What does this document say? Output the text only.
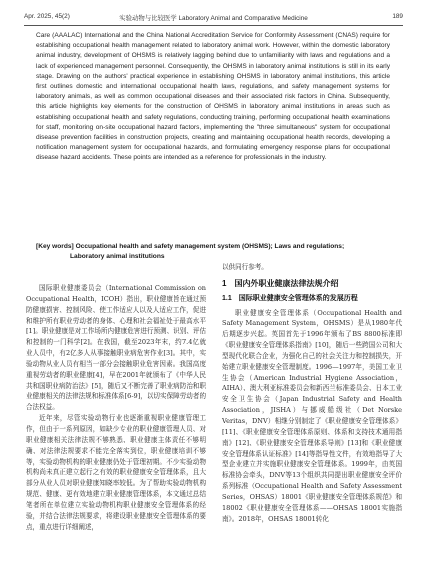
Apr. 2025, 45(2)	实验动物与比较医学 Laboratory Animal and Comparative Medicine	189
Care (AAALAC) International and the China National Accreditation Service for Conformity Assessment (CNAS) require for establishing occupational health management related to laboratory animal work. However, within the domestic laboratory animal industry, development of OHSMS is relatively lagging behind due to unfamiliarity with laws and regulations and a lack of experienced management personnel. Consequently, the OHSMS in laboratory animal institutions is still in its early stage. Drawing on the authors' practical experience in establishing OHSMS in laboratory animal institutions, this article first outlines domestic and international occupational health laws, regulations, and safety management systems for laboratory animals, as well as common occupational diseases and their associated risk factors in China. Subsequently, this article highlights key elements for the construction of OHSMS in laboratory animal institutions in areas such as establishing occupational health and safety regulations, conducting training, performing occupational health examinations for staff, monitoring on-site occupational hazard factors, implementing the "three simultaneous" system for occupational disease prevention facilities in construction projects, creating and maintaining occupational health records, developing a notification management system for occupational hazards, and formulating emergency response plans for occupational disease hazard accidents. These points are intended as a reference for professionals in the industry.
[Key words] Occupational health and safety management system (OHSMS); Laws and regulations;
Laboratory animal institutions

国际职业健康委员会（International Commission on Occupational Health，ICOH）指出，职业健康旨在通过预防健康损害、控制风险、使工作适应人以及人适应工作，促进和维护所有职业劳动者的身体、心理和社会福祉处于最高水平[1]。职业健康是对工作场所内健康危害进行预测、识别、评估和控制的一门科学[2]。在我国，截至2023年末，约7.4亿就业人员中，有2亿多人从事接触职业病危害作业[3]。其中，实验动物从业人员有相当一部分会接触职业危害因素。我国高度重视劳动者的职业健康[4]，早在2001年就颁布了《中华人民共和国职业病防治法》[5]，随后又不断完善了职业病防治和职业健康相关的法律法规和标准体系[6-9]，以切实保障劳动者的合法权益。

近年来，尽管实验动物行业也逐渐重视职业健康管理工作，但由于一系列原因，如缺少专业的职业健康管理人员、对职业健康相关法律法规不够熟悉、职业健康主体责任不够明确、对法律法规要求不能完全落实到位，职业健康培训不够等，实验动物机构的职业健康仍处于管理初期。不少实验动物机构尚未真正建立起行之有效的职业健康安全管理体系，且大部分从业人员对职业健康知晓率较低。为了帮助实验动物机构规范、健康、更有效地建立职业健康管理体系，本文通过总结笔者所在单位建立实验动物机构职业健康安全管理体系的经验，并结合法律法规要求，将建设职业健康安全管理体系的要点，重点进行详细阐述，

以供同行参考。

1　国内外职业健康法律法规介绍
1.1　国际职业健康安全管理体系的发展历程

职业健康安全管理体系（Occupational Health and Safety Management System，OHSMS）是从1980年代后期逐步兴起。英国首先于1996年颁布了BS 8800标准即《职业健康安全管理体系指南》[10]，随后一些跨国公司和大型现代化联合企业，为强化自己的社会关注力和控制损失，开始建立职业健康安全管理制度。1996—1997年，美国工业卫生协会（American Industrial Hygiene Association，AIHA）、澳大利亚标准委员会和新西兰标准委员会、日本工业安全卫生协会（Japan Industrial Safety and Health Association，JISHA）与挪威船级社（Det Norske Veritas，DNV）相继分别制定了《职业健康安全管理体系》[11]、《职业健康安全管理体系原则、体系和支持技术通用指南》[12]、《职业健康安全管理体系导则》[13]和《职业健康安全管理体系认证标准》[14]等指导性文件，有效地指导了大型企业建立并实施职业健康安全管理体系。1999年，由英国标准协会牵头，DNV等13个组织共同提出职业健康安全评价系列标准（Occupational Health and Safety Assessment Series，OHSAS）18001《职业健康安全管理体系规范》和18002《职业健康安全管理体系——OHSAS 18001实施指南》。2018年，OHSAS 18001转化
